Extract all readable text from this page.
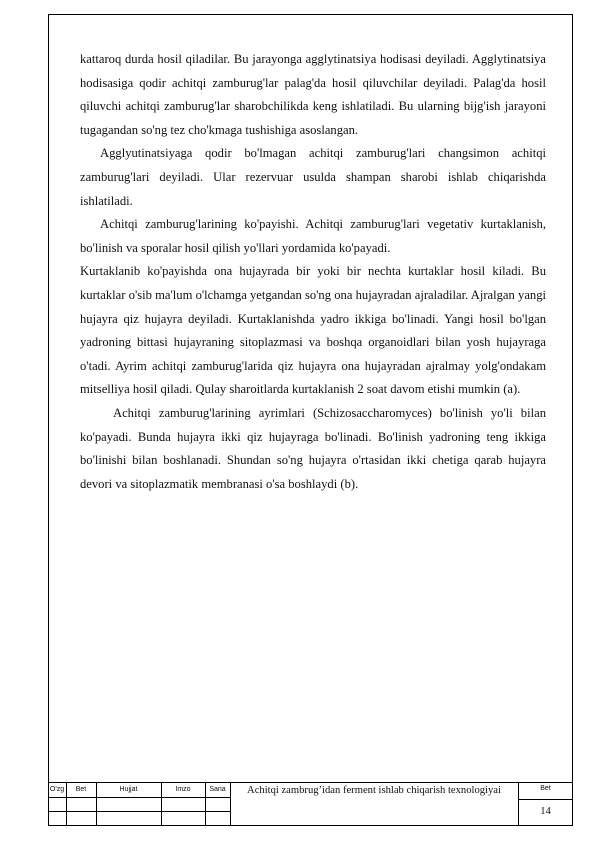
kattaroq durda hosil qiladilar. Bu jarayonga agglytinatsiya hodisasi deyiladi. Agglytinatsiya hodisasiga qodir achitqi zamburug'lar palag'da hosil qiluvchilar deyiladi. Palag'da hosil qiluvchi achitqi zamburug'lar sharobchilikda keng ishlatiladi. Bu ularning bijg'ish jarayoni tugagandan so'ng tez cho'kmaga tushishiga asoslangan.

Agglyutinatsiyaga qodir bo'lmagan achitqi zamburug'lari changsimon achitqi zamburug'lari deyiladi. Ular rezervuar usulda shampan sharobi ishlab chiqarishda ishlatiladi.

Achitqi zamburug'larining ko'payishi. Achitqi zamburug'lari vegetativ kurtaklanish, bo'linish va sporalar hosil qilish yo'llari yordamida ko'payadi.

Kurtaklanib ko'payishda ona hujayrada bir yoki bir nechta kurtaklar hosil kiladi. Bu kurtaklar o'sib ma'lum o'lchamga yetgandan so'ng ona hujayradan ajraladilar. Ajralgan yangi hujayra qiz hujayra deyiladi. Kurtaklanishda yadro ikkiga bo'linadi. Yangi hosil bo'lgan yadroning bittasi hujayraning sitoplazmasi va boshqa organoidlari bilan yosh hujayraga o'tadi. Ayrim achitqi zamburug'larida qiz hujayra ona hujayradan ajralmay yolg'ondakam mitselliya hosil qiladi. Qulay sharoitlarda kurtaklanish 2 soat davom etishi mumkin (a).

Achitqi zamburug'larining ayrimlari (Schizosaccharomyces) bo'linish yo'li bilan ko'payadi. Bunda hujayra ikki qiz hujayraga bo'linadi. Bo'linish yadroning teng ikkiga bo'linishi bilan boshlanadi. Shundan so'ng hujayra o'rtasidan ikki chetiga qarab hujayra devori va sitoplazmatik membranasi o'sa boshlaydi (b).

O'zg	Bet	Hujjat	Imzo	Sana	Achitqi zambrug’idan ferment ishlab chiqarish texnologiyai	Bet
14
